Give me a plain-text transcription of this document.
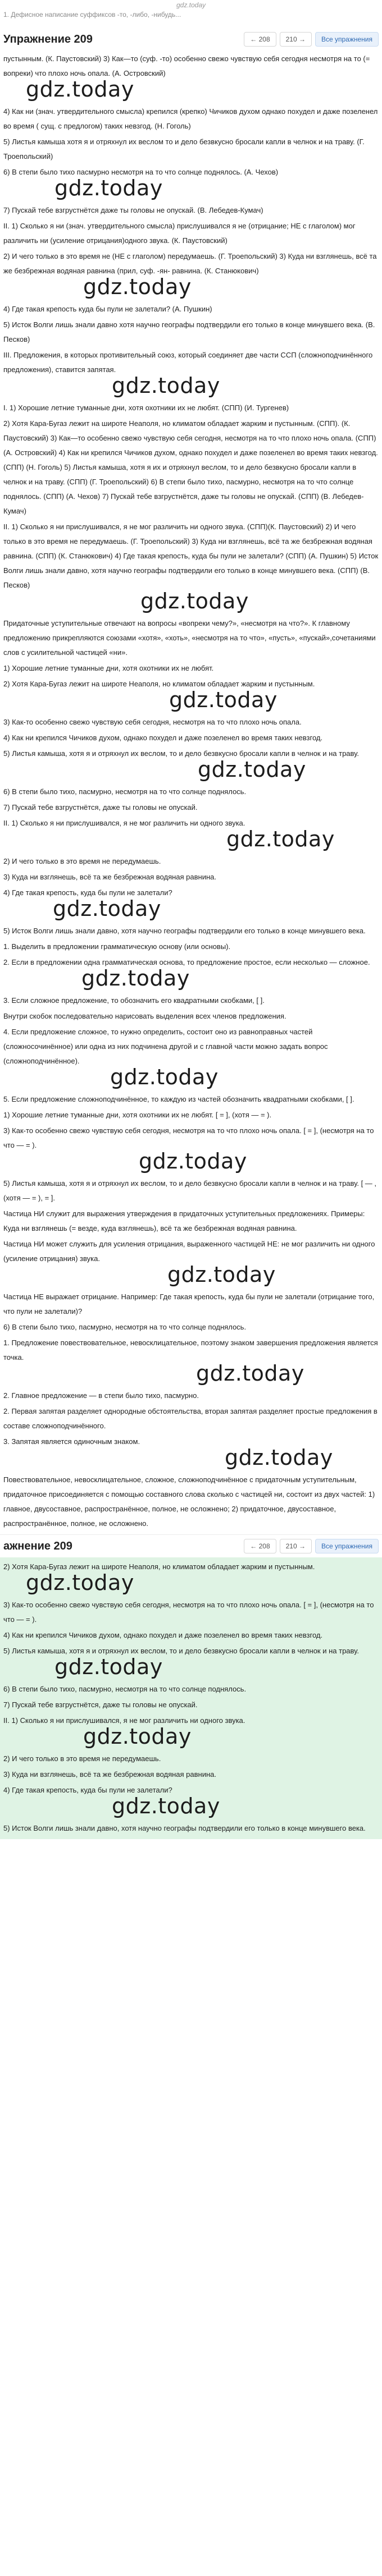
gdz.today
1. Дефисное написание суффиксов -то, -либо, -нибудь...
Упражнение 209	← 208	210 →	Все упражнения

пустынным. (К. Паустовский) 3) Как—то (суф. -то) особенно свежо чувствую себя сегодня несмотря на то (= вопреки) что плохо ночь опала. (А. Островский)

gdz.today

4) Как ни (знач. утвердительного смысла) крепился (крепко) Чичиков духом однако похудел и даже позеленел во время ( сущ. с предлогом) таких невзгод. (Н. Гоголь)

5) Листья камыша хотя я и отряхнул их веслом то и дело безвкусно бросали капли в челнок и на траву. (Г. Троепольский)

6) В степи было тихо пасмурно несмотря на то что солнце поднялось. (А. Чехов)

gdz.today

7) Пускай тебе взгрустнётся даже ты головы не опускай. (В. Лебедев-Кумач)

II. 1) Сколько я ни (знач. утвердительного смысла) прислушивался я не (отрицание; НЕ с глаголом) мог различить ни (усиление отрицания)одного звука. (К. Паустовский)

2) И чего только в это время не (НЕ с глаголом) передумаешь. (Г. Троепольский) 3) Куда ни взглянешь, всё та же безбрежная водяная равнина (прил, суф. -ян- равнина. (К. Станюкович)

gdz.today

4) Где такая крепость куда бы пули не залетали? (А. Пушкин)

5) Исток Волги лишь знали давно хотя научно географы подтвердили его только в конце минувшего века. (В. Песков)

III. Предложения, в которых противительный союз, который соединяет две части ССП (сложноподчинённого предложения), ставится запятая.

gdz.today

I. 1) Хорошие летние туманные дни, хотя охотники их не любят. (СПП) (И. Тургенев)

2) Хотя Кара-Бугаз лежит на широте Неаполя, но климатом обладает жарким и пустынным. (СПП). (К. Паустовский) 3) Как—то особенно свежо чувствую себя сегодня, несмотря на то что плохо ночь опала. (СПП) (А. Островский) 4) Как ни крепился Чичиков духом, однако похудел и даже позеленел во время таких невзгод. (СПП) (Н. Гоголь) 5) Листья камыша, хотя я их и отряхнул веслом, то и дело безвкусно бросали капли в челнок и на траву. (СПП) (Г. Троепольский) 6) В степи было тихо, пасмурно, несмотря на то что солнце поднялось. (СПП) (А. Чехов) 7) Пускай тебе взгрустнётся, даже ты головы не опускай. (СПП) (В. Лебедев-Кумач)

II. 1) Сколько я ни прислушивался, я не мог различить ни одного звука. (СПП)(К. Паустовский) 2) И чего только в это время не передумаешь. (Г. Троепольский) 3) Куда ни взглянешь, всё та же безбрежная водяная равнина. (СПП) (К. Станюкович) 4) Где такая крепость, куда бы пули не залетали? (СПП) (А. Пушкин) 5) Исток Волги лишь знали давно, хотя научно географы подтвердили его только в конце минувшего века. (СПП) (В. Песков)

gdz.today

Придаточные уступительные отвечают на вопросы «вопреки чему?», «несмотря на что?». К главному предложению прикрепляются союзами «хотя», «хоть», «несмотря на то что», «пусть», «пускай»,сочетаниями слов с усилительной частицей «ни».

1) Хорошие летние туманные дни, хотя охотники их не любят.

2) Хотя Кара-Бугаз лежит на широте Неаполя, но климатом обладает жарким и пустынным.

gdz.today

3) Как-то особенно свежо чувствую себя сегодня, несмотря на то что плохо ночь опала.

4) Как ни крепился Чичиков духом, однако похудел и даже позеленел во время таких невзгод.

5) Листья камыша, хотя я и отряхнул их веслом, то и дело безвкусно бросали капли в челнок и на траву.

gdz.today

6) В степи было тихо, пасмурно, несмотря на то что солнце поднялось.

7) Пускай тебе взгрустнётся, даже ты головы не опускай.

II. 1) Сколько я ни прислушивался, я не мог различить ни одного звука.

gdz.today

2) И чего только в это время не передумаешь.

3) Куда ни взглянешь, всё та же безбрежная водяная равнина.

4) Где такая крепость, куда бы пули не залетали?

gdz.today

5) Исток Волги лишь знали давно, хотя научно географы подтвердили его только в конце минувшего века.

1. Выделить в предложении грамматическую основу (или основы).

2. Если в предложении одна грамматическая основа, то предложение простое, если несколько — сложное.

gdz.today

3. Если сложное предложение, то обозначить его квадратными скобками, [ ].

Внутри скобок последовательно нарисовать выделения всех членов предложения.

4. Если предложение сложное, то нужно определить, состоит оно из равноправных частей (сложносочинённое) или одна из них подчинена другой и с главной части можно задать вопрос (сложноподчинённое).

gdz.today

5. Если предложение сложноподчинённое, то каждую из частей обозначить квадратными скобками, [ ].

1) Хорошие летние туманные дни, хотя охотники их не любят. [ = ], (хотя — = ).

3) Как-то особенно свежо чувствую себя сегодня, несмотря на то что плохо ночь опала. [ = ], (несмотря на то что — = ).

gdz.today

5) Листья камыша, хотя я и отряхнул их веслом, то и дело безвкусно бросали капли в челнок и на траву. [ — , (хотя — = ), = ].

Частица НИ служит для выражения утверждения в придаточных уступительных предложениях. Примеры: Куда ни взглянешь (= везде, куда взглянешь), всё та же безбрежная водяная равнина.

Частица НИ может служить для усиления отрицания, выраженного частицей НЕ: не мог различить ни одного (усиление отрицания) звука.

gdz.today

Частица НЕ выражает отрицание. Например: Где такая крепость, куда бы пули не залетали (отрицание того, что пули не залетали)?

6) В степи было тихо, пасмурно, несмотря на то что солнце поднялось.

1. Предложение повествовательное, невосклицательное, поэтому знаком завершения предложения является точка.

gdz.today

2. Главное предложение — в степи было тихо, пасмурно.

2. Первая запятая разделяет однородные обстоятельства, вторая запятая разделяет простые предложения в составе сложноподчинённого.

3. Запятая является одиночным знаком.

gdz.today

Повествовательное, невосклицательное, сложное, сложноподчинённое с придаточным уступительным, придаточное присоединяется с помощью составного слова сколько с частицей ни, состоит из двух частей: 1) главное, двусоставное, распространённое, полное, не осложнено; 2) придаточное, двусоставное, распространённое, полное, не осложнено.

ажнение 209	← 208	210 →	Все упражнения

2) Хотя Кара-Бугаз лежит на широте Неаполя, но климатом обладает жарким и пустынным.

gdz.today

3) Как-то особенно свежо чувствую себя сегодня, несмотря на то что плохо ночь опала. [ = ], (несмотря на то что — = ).

4) Как ни крепился Чичиков духом, однако похудел и даже позеленел во время таких невзгод.

5) Листья камыша, хотя я и отряхнул их веслом, то и дело безвкусно бросали капли в челнок и на траву.

gdz.today

6) В степи было тихо, пасмурно, несмотря на то что солнце поднялось.

7) Пускай тебе взгрустнётся, даже ты головы не опускай.

II. 1) Сколько я ни прислушивался, я не мог различить ни одного звука.

gdz.today

2) И чего только в это время не передумаешь.

3) Куда ни взглянешь, всё та же безбрежная водяная равнина.

4) Где такая крепость, куда бы пули не залетали?

gdz.today

5) Исток Волги лишь знали давно, хотя научно географы подтвердили его только в конце минувшего века.
